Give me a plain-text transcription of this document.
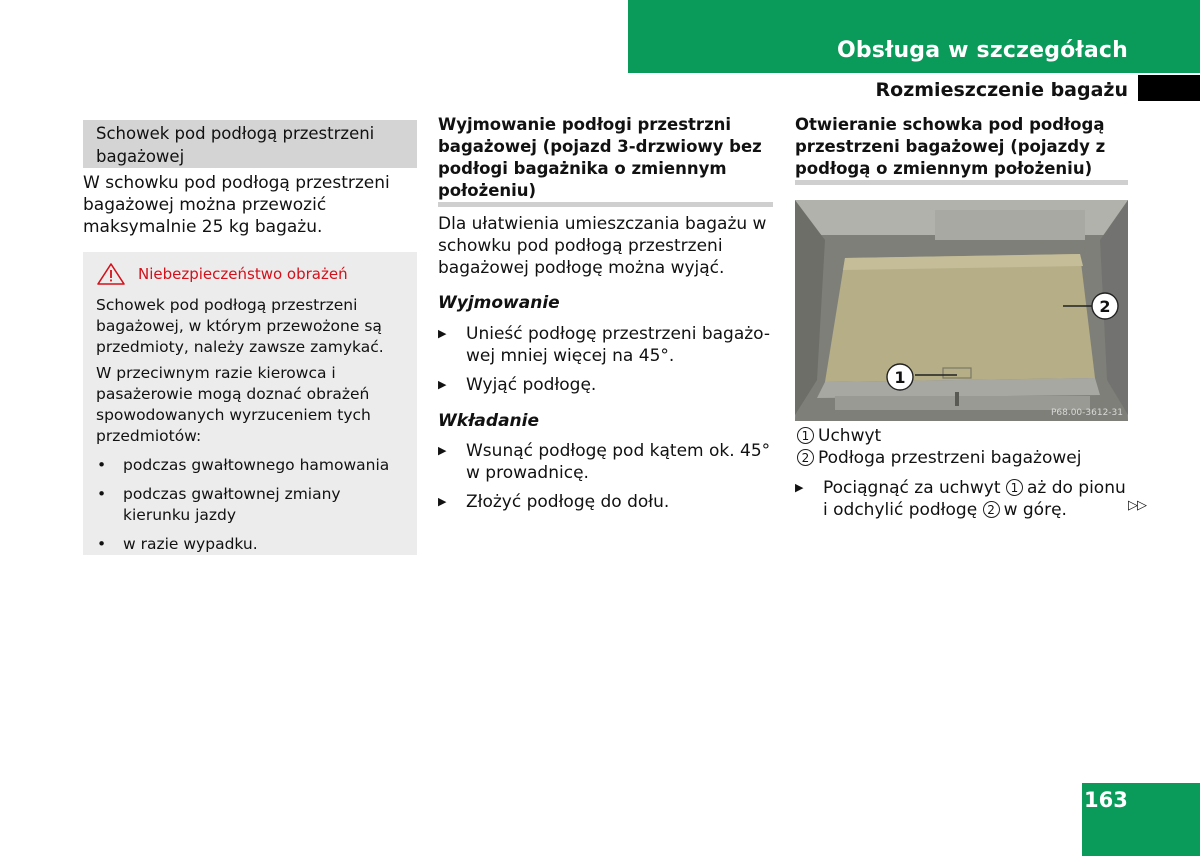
Obsługa w szczegółach
Rozmieszczenie bagażu
Schowek pod podłogą przestrzeni bagażowej
W schowku pod podłogą przestrzeni bagażowej można przewozić maksymalnie 25 kg bagażu.
Niebezpieczeństwo obrażeń
Schowek pod podłogą przestrzeni bagażowej, w którym przewożone są przedmioty, należy zawsze zamykać.
W przeciwnym razie kierowca i pasażerowie mogą doznać obrażeń spowodowanych wyrzuceniem tych przedmiotów:
• podczas gwałtownego hamowania
• podczas gwałtownej zmiany kierunku jazdy
• w razie wypadku.
Wyjmowanie podłogi przestrzni bagażowej (pojazd 3-drzwiowy bez podłogi bagażnika o zmiennym położeniu)
Dla ułatwienia umieszczania bagażu w schowku pod podłogą przestrzeni bagażowej podłogę można wyjąć.
Wyjmowanie
▶	Unieść podłogę przestrzeni bagażo-wej mniej więcej na 45°.
▶	Wyjąć podłogę.
Wkładanie
▶	Wsunąć podłogę pod kątem ok. 45° w prowadnicę.
▶	Złożyć podłogę do dołu.
Otwieranie schowka pod podłogą przestrzeni bagażowej (pojazdy z podłogą o zmiennym położeniu)
1
2
P68.00-3612-31
1 Uchwyt
2 Podłoga przestrzeni bagażowej
▶	Pociągnąć za uchwyt 1 aż do pionu
i odchylić podłogę 2 w górę.	▷▷
163
